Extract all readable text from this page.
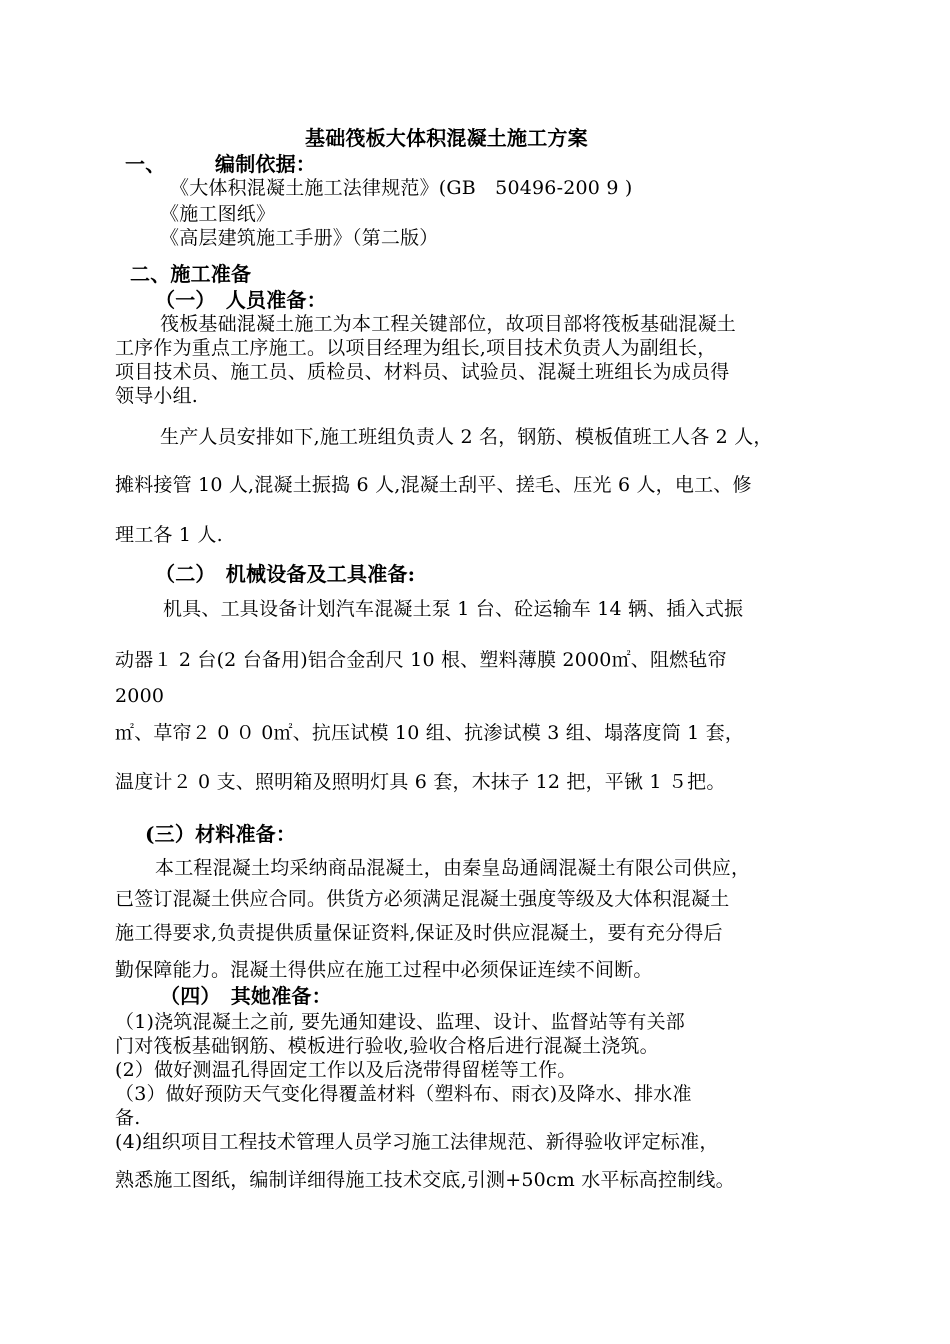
基础筏板大体积混凝土施工方案
一、 编制依据：
《大体积混凝土施工法律规范》(GB　50496-200 9 )
《施工图纸》
《高层建筑施工手册》（第二版）
二、施工准备
（一）　人员准备：
筏板基础混凝土施工为本工程关键部位，故项目部将筏板基础混凝土
工序作为重点工序施工。以项目经理为组长,项目技术负责人为副组长，
项目技术员、施工员、质检员、材料员、试验员、混凝土班组长为成员得
领导小组.
生产人员安排如下,施工班组负责人 2 名，钢筋、模板值班工人各 2 人，
摊料接管 10 人,混凝土振捣 6 人,混凝土刮平、搓毛、压光 6 人，电工、修
理工各 1 人.
（二）　机械设备及工具准备:
机具、工具设备计划汽车混凝土泵 1 台、砼运输车 14 辆、插入式振
动器１ 2 台(2 台备用)铝合金刮尺 10 根、塑料薄膜 2000㎡、阻燃毡帘
2000
㎡、草帘２ 0 ０ 0㎡、抗压试模 10 组、抗渗试模 3 组、塌落度筒 1 套，
温度计２ 0 支、照明箱及照明灯具 6 套，木抹子 12 把，平锹 1 ５把。
(三）材料准备：
本工程混凝土均采纳商品混凝土，由秦皇岛通阔混凝土有限公司供应，
已签订混凝土供应合同。供货方必须满足混凝土强度等级及大体积混凝土
施工得要求,负责提供质量保证资料,保证及时供应混凝土，要有充分得后
勤保障能力。混凝土得供应在施工过程中必须保证连续不间断。
（四）　其她准备：
（1)浇筑混凝土之前, 要先通知建设、监理、设计、监督站等有关部
门对筏板基础钢筋、模板进行验收,验收合格后进行混凝土浇筑。
(2）做好测温孔得固定工作以及后浇带得留槎等工作。
（3）做好预防天气变化得覆盖材料（塑料布、雨衣)及降水、排水准
备.
(4)组织项目工程技术管理人员学习施工法律规范、新得验收评定标准，
熟悉施工图纸，编制详细得施工技术交底,引测+50cm 水平标高控制线。
